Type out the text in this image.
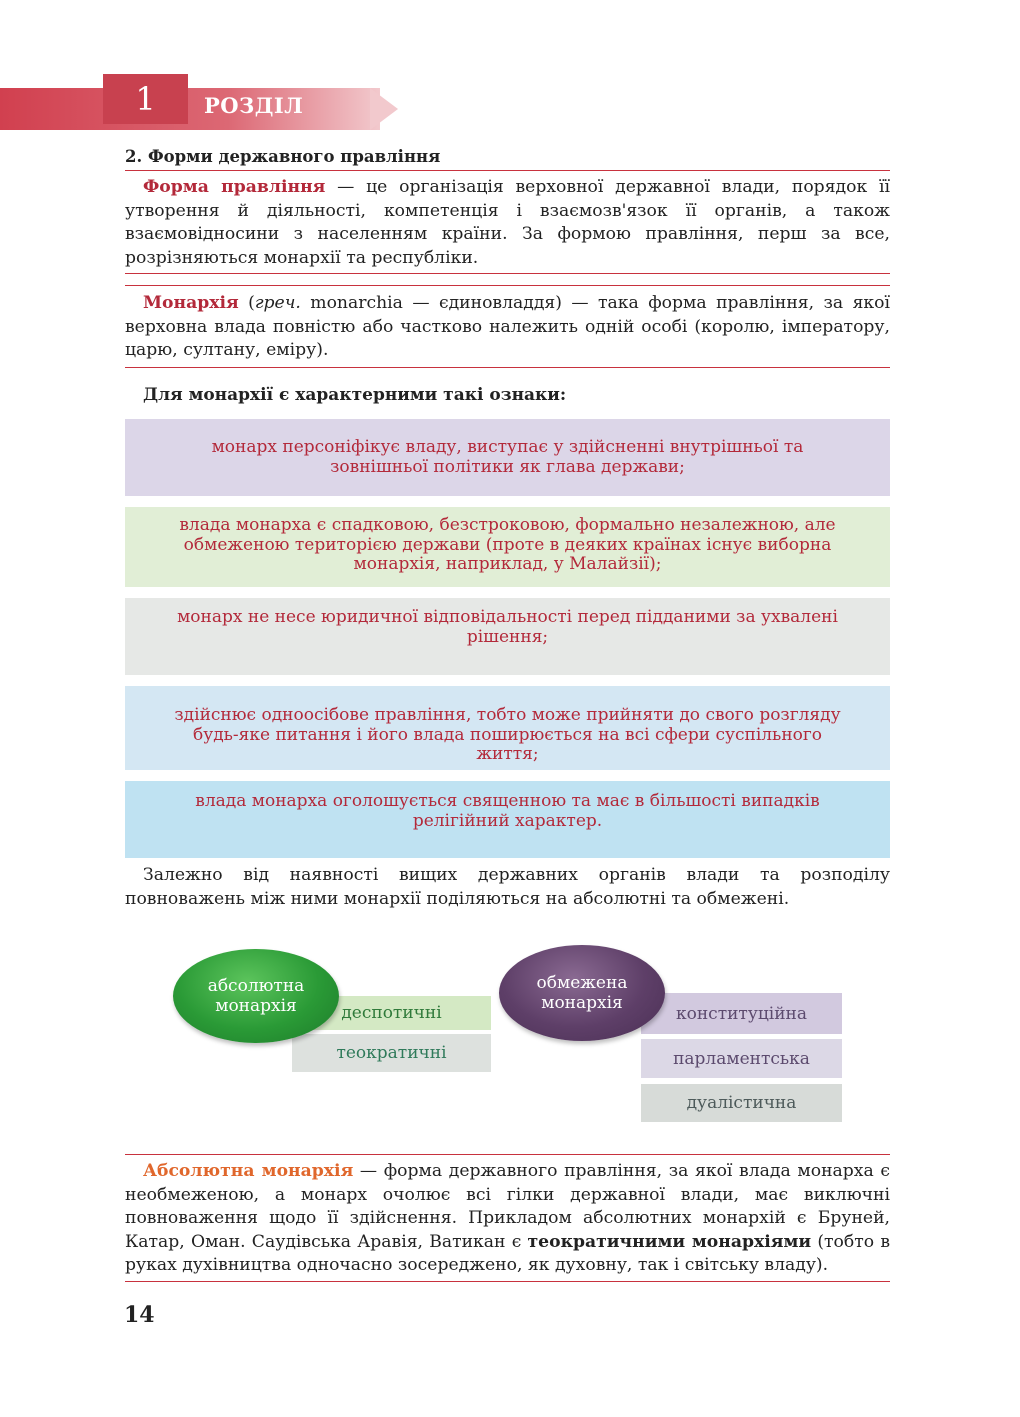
1	РОЗДІЛ
2. Форми державного правління
Форма правління — це організація верховної державної влади, порядок її утворення й діяльності, компетенція і взаємозв'язок її органів, а також взаємовідносини з населенням країни. За формою правління, перш за все, розрізняються монархії та республіки.
Монархія (греч. monarchia — єдиновладдя) — така форма правління, за якої верховна влада повністю або частково належить одній особі (королю, імператору, царю, султану, еміру).
Для монархії є характерними такі ознаки:
монарх персоніфікує владу, виступає у здійсненні внутрішньої та зовнішньої політики як глава держави;
влада монарха є спадковою, безстроковою, формально незалежною, але обмеженою територією держави (проте в деяких країнах існує виборна монархія, наприклад, у Малайзії);
монарх не несе юридичної відповідальності перед підданими за ухвалені рішення;
здійснює одноосібове правління, тобто може прийняти до свого розгляду будь-яке питання і його влада поширюється на всі сфери суспільного життя;
влада монарха оголошується священною та має в більшості випадків релігійний характер.
Залежно від наявності вищих державних органів влади та розподілу повноважень між ними монархії поділяються на абсолютні та обмежені.
деспотичні
теократичні
абсолютна монархія	конституційна
парламентська
дуалістична
обмежена монархія
Абсолютна монархія — форма державного правління, за якої влада монарха є необмеженою, а монарх очолює всі гілки державної влади, має виключні повноваження щодо її здійснення. Прикладом абсолютних монархій є Бруней, Катар, Оман. Саудівська Аравія, Ватикан є теократичними монархіями (тобто в руках духівництва одночасно зосереджено, як духовну, так і світську владу).
14
